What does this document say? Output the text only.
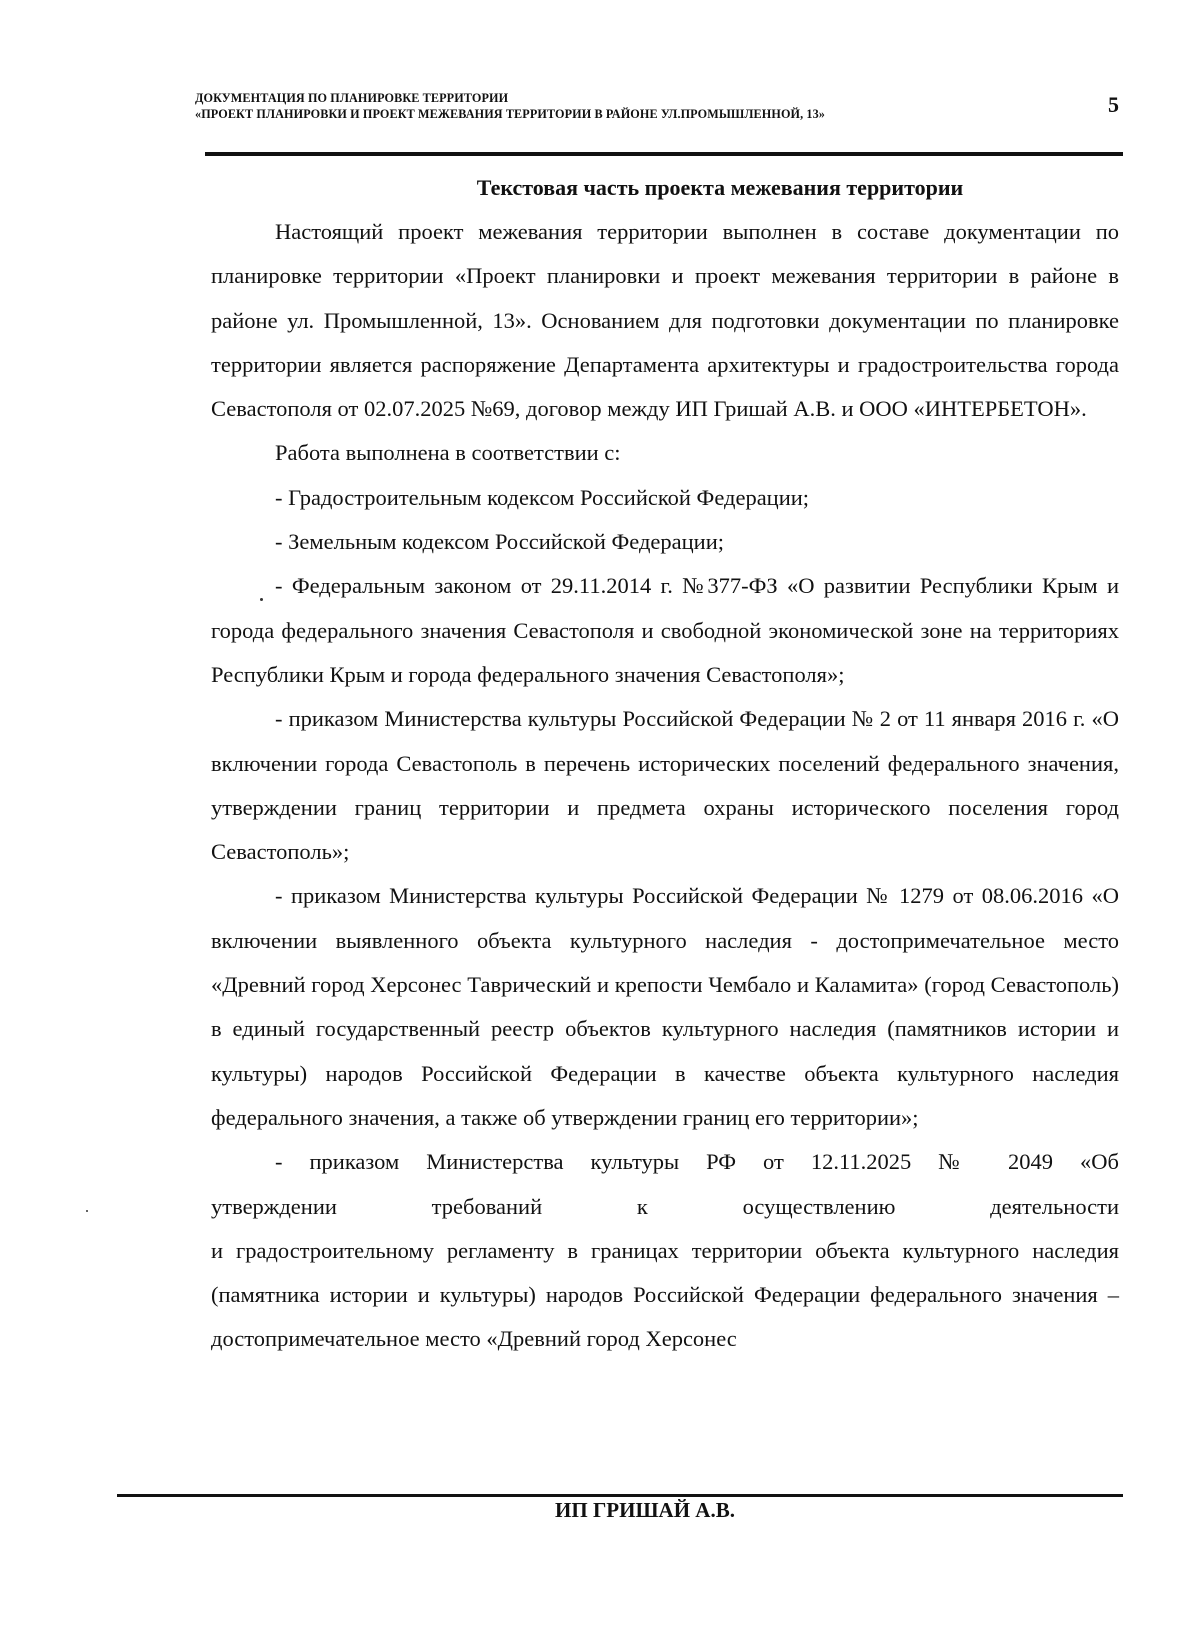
ДОКУМЕНТАЦИЯ ПО ПЛАНИРОВКЕ ТЕРРИТОРИИ
«ПРОЕКТ ПЛАНИРОВКИ И ПРОЕКТ МЕЖЕВАНИЯ ТЕРРИТОРИИ В РАЙОНЕ УЛ.ПРОМЫШЛЕННОЙ, 13»	5
Текстовая часть проекта межевания территории

Настоящий проект межевания территории выполнен в составе документации по планировке территории «Проект планировки и проект межевания территории в районе в районе ул. Промышленной, 13». Основанием для подготовки документации по планировке территории является распоряжение Департамента архитектуры и градостроительства города Севастополя от 02.07.2025 №69, договор между ИП Гришай А.В. и ООО «ИНТЕРБЕТОН».

Работа выполнена в соответствии с:

- Градостроительным кодексом Российской Федерации;

- Земельным кодексом Российской Федерации;

- Федеральным законом от 29.11.2014 г. №377-ФЗ «О развитии Республики Крым и города федерального значения Севастополя и свободной экономической зоне на территориях Республики Крым и города федерального значения Севастополя»;

- приказом Министерства культуры Российской Федерации № 2 от 11 января 2016 г. «О включении города Севастополь в перечень исторических поселений федерального значения, утверждении границ территории и предмета охраны исторического поселения город Севастополь»;

- приказом Министерства культуры Российской Федерации № 1279 от 08.06.2016 «О включении выявленного объекта культурного наследия - достопримечательное место «Древний город Херсонес Таврический и крепости Чембало и Каламита» (город Севастополь) в единый государственный реестр объектов культурного наследия (памятников истории и культуры) народов Российской Федерации в качестве объекта культурного наследия федерального значения, а также об утверждении границ его территории»;

- приказом Министерства культуры РФ от 12.11.2025 № 2049 «Об

утверждении требований к осуществлению деятельности

и градостроительному регламенту в границах территории объекта культурного наследия (памятника истории и культуры) народов Российской Федерации федерального значения – достопримечательное место «Древний город Херсонес

ИП ГРИШАЙ А.В.
